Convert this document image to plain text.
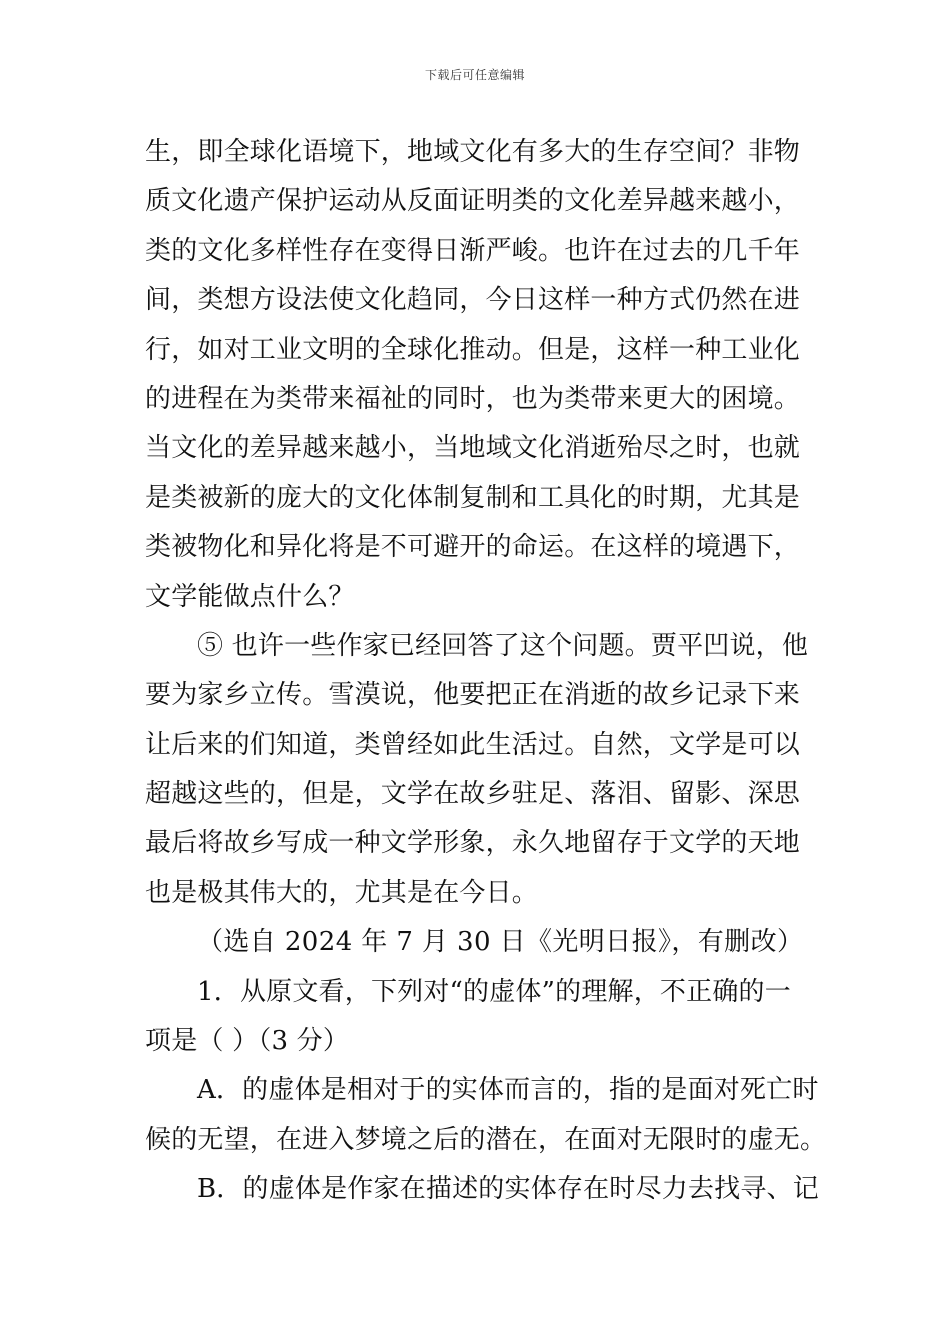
下载后可任意编辑
生，即全球化语境下，地域文化有多大的生存空间？非物
质文化遗产保护运动从反面证明类的文化差异越来越小，
类的文化多样性存在变得日渐严峻。也许在过去的几千年
间，类想方设法使文化趋同，今日这样一种方式仍然在进
行，如对工业文明的全球化推动。但是，这样一种工业化
的进程在为类带来福祉的同时，也为类带来更大的困境。
当文化的差异越来越小，当地域文化消逝殆尽之时，也就
是类被新的庞大的文化体制复制和工具化的时期，尤其是
类被物化和异化将是不可避开的命运。在这样的境遇下，
文学能做点什么？
⑤ 也许一些作家已经回答了这个问题。贾平凹说，他
要为家乡立传。雪漠说，他要把正在消逝的故乡记录下来
让后来的们知道，类曾经如此生活过。自然，文学是可以
超越这些的，但是，文学在故乡驻足、落泪、留影、深思
最后将故乡写成一种文学形象，永久地留存于文学的天地
也是极其伟大的，尤其是在今日。
（选自 2024 年 7 月 30 日《光明日报》，有删改）
1．从原文看，下列对“的虚体”的理解，不正确的一
项是（ ）（3 分）
A．的虚体是相对于的实体而言的，指的是面对死亡时
候的无望，在进入梦境之后的潜在，在面对无限时的虚无。
B．的虚体是作家在描述的实体存在时尽力去找寻、记
